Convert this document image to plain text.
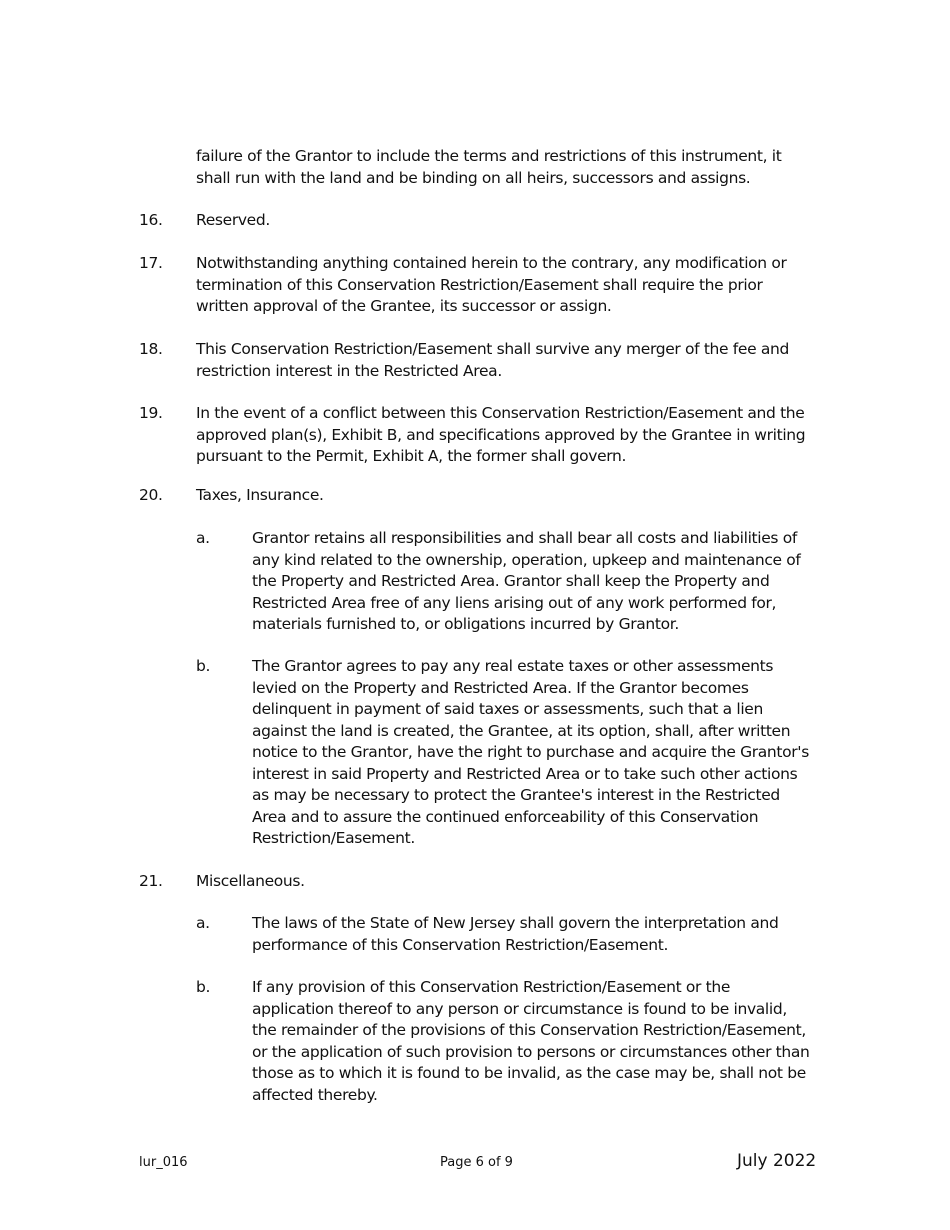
failure of the Grantor to include the terms and restrictions of this instrument, it shall run with the land and be binding on all heirs, successors and assigns.
16. Reserved.
17. Notwithstanding anything contained herein to the contrary, any modification or termination of this Conservation Restriction/Easement shall require the prior written approval of the Grantee, its successor or assign.
18. This Conservation Restriction/Easement shall survive any merger of the fee and restriction interest in the Restricted Area.
19. In the event of a conflict between this Conservation Restriction/Easement and the approved plan(s), Exhibit B, and specifications approved by the Grantee in writing pursuant to the Permit, Exhibit A, the former shall govern.
20. Taxes, Insurance.
a.	Grantor retains all responsibilities and shall bear all costs and liabilities of any kind related to the ownership, operation, upkeep and maintenance of the Property and Restricted Area. Grantor shall keep the Property and Restricted Area free of any liens arising out of any work performed for, materials furnished to, or obligations incurred by Grantor.
b.	The Grantor agrees to pay any real estate taxes or other assessments levied on the Property and Restricted Area. If the Grantor becomes delinquent in payment of said taxes or assessments, such that a lien against the land is created, the Grantee, at its option, shall, after written notice to the Grantor, have the right to purchase and acquire the Grantor's interest in said Property and Restricted Area or to take such other actions as may be necessary to protect the Grantee's interest in the Restricted Area and to assure the continued enforceability of this Conservation Restriction/Easement.
21. Miscellaneous.
a.	The laws of the State of New Jersey shall govern the interpretation and performance of this Conservation Restriction/Easement.
b.	If any provision of this Conservation Restriction/Easement or the application thereof to any person or circumstance is found to be invalid, the remainder of the provisions of this Conservation Restriction/Easement, or the application of such provision to persons or circumstances other than those as to which it is found to be invalid, as the case may be, shall not be affected thereby.
lur_016	Page 6 of 9	July 2022
